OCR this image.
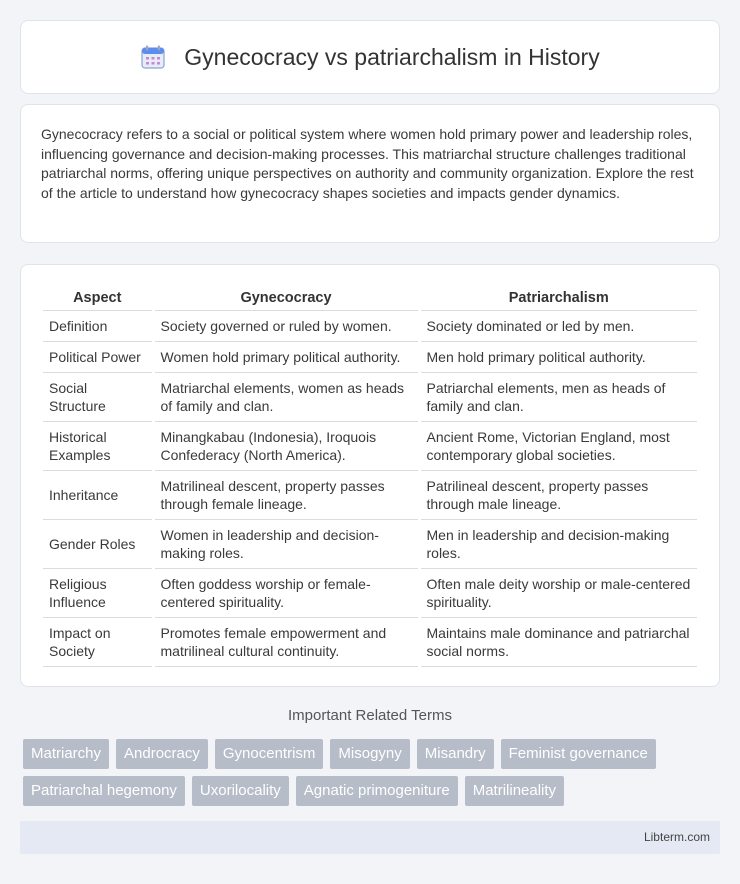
Gynecocracy vs patriarchalism in History

Gynecocracy refers to a social or political system where women hold primary power and leadership roles, influencing governance and decision-making processes. This matriarchal structure challenges traditional patriarchal norms, offering unique perspectives on authority and community organization. Explore the rest of the article to understand how gynecocracy shapes societies and impacts gender dynamics.

Aspect	Gynecocracy	Patriarchalism
Definition	Society governed or ruled by women.	Society dominated or led by men.
Political Power	Women hold primary political authority.	Men hold primary political authority.
Social Structure	Matriarchal elements, women as heads of family and clan.	Patriarchal elements, men as heads of family and clan.
Historical Examples	Minangkabau (Indonesia), Iroquois Confederacy (North America).	Ancient Rome, Victorian England, most contemporary global societies.
Inheritance	Matrilineal descent, property passes through female lineage.	Patrilineal descent, property passes through male lineage.
Gender Roles	Women in leadership and decision-making roles.	Men in leadership and decision-making roles.
Religious Influence	Often goddess worship or female-centered spirituality.	Often male deity worship or male-centered spirituality.
Impact on Society	Promotes female empowerment and matrilineal cultural continuity.	Maintains male dominance and patriarchal social norms.
Important Related Terms
Matriarchy	Androcracy	Gynocentrism	Misogyny	Misandry	Feminist governance
Patriarchal hegemony	Uxorilocality	Agnatic primogeniture	Matrilineality
Libterm.com
